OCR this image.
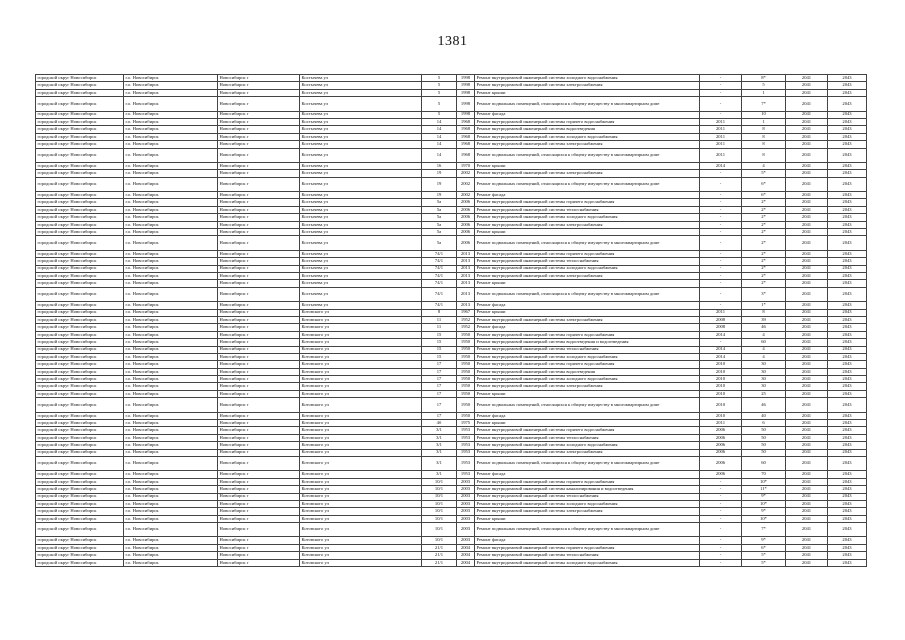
1381
городской округ Новосибирск	г.о. Новосибирск	Новосибирск г	Костычева ул	5	1998	Ремонт внутридомовой инженерной системы холодного водоснабжения	-	8*	2041	2043
городской округ Новосибирск	г.о. Новосибирск	Новосибирск г	Костычева ул	5	1998	Ремонт внутридомовой инженерной системы электроснабжения	-	5	2041	2043
городской округ Новосибирск	г.о. Новосибирск	Новосибирск г	Костычева ул	5	1998	Ремонт крыши	-	1	2041	2043
городской округ Новосибирск	г.о. Новосибирск	Новосибирск г	Костычева ул	5	1998	Ремонт подвальных помещений, относящихся к общему имуществу в многоквартирном доме	-	7*	2041	2043
городской округ Новосибирск	г.о. Новосибирск	Новосибирск г	Костычева ул	5	1998	Ремонт фасада	-	10	2041	2043
городской округ Новосибирск	г.о. Новосибирск	Новосибирск г	Костычева ул	14	1968	Ремонт внутридомовой инженерной системы горячего водоснабжения	2011	1	2041	2043
городской округ Новосибирск	г.о. Новосибирск	Новосибирск г	Костычева ул	14	1968	Ремонт внутридомовой инженерной системы водоотведения	2011	8	2041	2043
городской округ Новосибирск	г.о. Новосибирск	Новосибирск г	Костычева ул	14	1968	Ремонт внутридомовой инженерной системы холодного водоснабжения	2011	8	2041	2043
городской округ Новосибирск	г.о. Новосибирск	Новосибирск г	Костычева ул	14	1968	Ремонт внутридомовой инженерной системы электроснабжения	2011	8	2041	2043
городской округ Новосибирск	г.о. Новосибирск	Новосибирск г	Костычева ул	14	1968	Ремонт подвальных помещений, относящихся к общему имуществу в многоквартирном доме	2011	8	2041	2043
городской округ Новосибирск	г.о. Новосибирск	Новосибирск г	Костычева ул	16	1970	Ремонт крыши	2014	4	2041	2043
городской округ Новосибирск	г.о. Новосибирск	Новосибирск г	Костычева ул	19	2002	Ремонт внутридомовой инженерной системы электроснабжения	-	5*	2041	2043
городской округ Новосибирск	г.о. Новосибирск	Новосибирск г	Костычева ул	19	2002	Ремонт подвальных помещений, относящихся к общему имуществу в многоквартирном доме	-	6*	2041	2043
городской округ Новосибирск	г.о. Новосибирск	Новосибирск г	Костычева ул	19	2002	Ремонт фасада	-	6*	2041	2043
городской округ Новосибирск	г.о. Новосибирск	Новосибирск г	Костычева ул	5а	2006	Ремонт внутридомовой инженерной системы горячего водоснабжения	-	2*	2041	2043
городской округ Новосибирск	г.о. Новосибирск	Новосибирск г	Костычева ул	5а	2006	Ремонт внутридомовой инженерной системы теплоснабжения	-	2*	2041	2043
городской округ Новосибирск	г.о. Новосибирск	Новосибирск г	Костычева ул	5а	2006	Ремонт внутридомовой инженерной системы холодного водоснабжения	-	2*	2041	2043
городской округ Новосибирск	г.о. Новосибирск	Новосибирск г	Костычева ул	5а	2006	Ремонт внутридомовой инженерной системы электроснабжения	-	2*	2041	2043
городской округ Новосибирск	г.о. Новосибирск	Новосибирск г	Костычева ул	5а	2006	Ремонт крыши	-	2*	2041	2043
городской округ Новосибирск	г.о. Новосибирск	Новосибирск г	Костычева ул	5а	2006	Ремонт подвальных помещений, относящихся к общему имуществу в многоквартирном доме	-	2*	2041	2043
городской округ Новосибирск	г.о. Новосибирск	Новосибирск г	Костычева ул	74/1	2013	Ремонт внутридомовой инженерной системы горячего водоснабжения	-	2*	2041	2043
городской округ Новосибирск	г.о. Новосибирск	Новосибирск г	Костычева ул	74/1	2013	Ремонт внутридомовой инженерной системы теплоснабжения	-	2*	2041	2043
городской округ Новосибирск	г.о. Новосибирск	Новосибирск г	Костычева ул	74/1	2013	Ремонт внутридомовой инженерной системы холодного водоснабжения	-	2*	2041	2043
городской округ Новосибирск	г.о. Новосибирск	Новосибирск г	Костычева ул	74/1	2013	Ремонт внутридомовой инженерной системы электроснабжения	-	2*	2041	2043
городской округ Новосибирск	г.о. Новосибирск	Новосибирск г	Костычева ул	74/1	2013	Ремонт крыши	-	2*	2041	2043
городской округ Новосибирск	г.о. Новосибирск	Новосибирск г	Костычева ул	74/1	2013	Ремонт подвальных помещений, относящихся к общему имуществу в многоквартирном доме	-	3*	2041	2043
городской округ Новосибирск	г.о. Новосибирск	Новосибирск г	Костычева ул	74/1	2013	Ремонт фасада	-	1*	2041	2043
городской округ Новосибирск	г.о. Новосибирск	Новосибирск г	Котовского ул	8	1967	Ремонт крыши	2011	8	2041	2043
городской округ Новосибирск	г.о. Новосибирск	Новосибирск г	Котовского ул	11	1952	Ремонт внутридомовой инженерной системы электроснабжения	2008	39	2041	2043
городской округ Новосибирск	г.о. Новосибирск	Новосибирск г	Котовского ул	11	1952	Ремонт фасада	2008	46	2041	2043
городской округ Новосибирск	г.о. Новосибирск	Новосибирск г	Котовского ул	15	1950	Ремонт внутридомовой инженерной системы горячего водоснабжения	2014	4	2041	2043
городской округ Новосибирск	г.о. Новосибирск	Новосибирск г	Котовского ул	15	1950	Ремонт внутридомовой инженерной системы водоотведения и водоотведения	-	60	2041	2043
городской округ Новосибирск	г.о. Новосибирск	Новосибирск г	Котовского ул	15	1950	Ремонт внутридомовой инженерной системы теплоснабжения	2014	4	2041	2043
городской округ Новосибирск	г.о. Новосибирск	Новосибирск г	Котовского ул	15	1950	Ремонт внутридомовой инженерной системы холодного водоснабжения	2014	4	2041	2043
городской округ Новосибирск	г.о. Новосибирск	Новосибирск г	Котовского ул	17	1950	Ремонт внутридомовой инженерной системы горячего водоснабжения	2010	30	2041	2043
городской округ Новосибирск	г.о. Новосибирск	Новосибирск г	Котовского ул	17	1950	Ремонт внутридомовой инженерной системы водоотведения	2010	30	2041	2043
городской округ Новосибирск	г.о. Новосибирск	Новосибирск г	Котовского ул	17	1950	Ремонт внутридомовой инженерной системы холодного водоснабжения	2010	30	2041	2043
городской округ Новосибирск	г.о. Новосибирск	Новосибирск г	Котовского ул	17	1950	Ремонт внутридомовой инженерной системы электроснабжения	2010	30	2041	2043
городской округ Новосибирск	г.о. Новосибирск	Новосибирск г	Котовского ул	17	1950	Ремонт крыши	2010	25	2041	2043
городской округ Новосибирск	г.о. Новосибирск	Новосибирск г	Котовского ул	17	1950	Ремонт подвальных помещений, относящихся к общему имуществу в многоквартирном доме	2010	46	2041	2043
городской округ Новосибирск	г.о. Новосибирск	Новосибирск г	Котовского ул	17	1950	Ремонт фасада	2010	40	2041	2043
городской округ Новосибирск	г.о. Новосибирск	Новосибирск г	Котовского ул	4б	1975	Ремонт крыши	2011	6	2041	2043
городской округ Новосибирск	г.о. Новосибирск	Новосибирск г	Котовского ул	3/1	1953	Ремонт внутридомовой инженерной системы горячего водоснабжения	2006	50	2041	2043
городской округ Новосибирск	г.о. Новосибирск	Новосибирск г	Котовского ул	3/1	1953	Ремонт внутридомовой инженерной системы теплоснабжения	2006	50	2041	2043
городской округ Новосибирск	г.о. Новосибирск	Новосибирск г	Котовского ул	3/1	1953	Ремонт внутридомовой инженерной системы холодного водоснабжения	2006	50	2041	2043
городской округ Новосибирск	г.о. Новосибирск	Новосибирск г	Котовского ул	3/1	1953	Ремонт внутридомовой инженерной системы электроснабжения	2006	50	2041	2043
городской округ Новосибирск	г.о. Новосибирск	Новосибирск г	Котовского ул	3/1	1953	Ремонт подвальных помещений, относящихся к общему имуществу в многоквартирном доме	2006	60	2041	2043
городской округ Новосибирск	г.о. Новосибирск	Новосибирск г	Котовского ул	3/1	1953	Ремонт фасада	2006	70	2041	2043
городской округ Новосибирск	г.о. Новосибирск	Новосибирск г	Котовского ул	10/1	2003	Ремонт внутридомовой инженерной системы горячего водоснабжения	-	10*	2041	2043
городской округ Новосибирск	г.о. Новосибирск	Новосибирск г	Котовского ул	10/1	2003	Ремонт внутридомовой инженерной системы канализирования и водоотведения	-	11*	2041	2043
городской округ Новосибирск	г.о. Новосибирск	Новосибирск г	Котовского ул	10/1	2003	Ремонт внутридомовой инженерной системы теплоснабжения	-	9*	2041	2043
городской округ Новосибирск	г.о. Новосибирск	Новосибирск г	Котовского ул	10/1	2003	Ремонт внутридомовой инженерной системы холодного водоснабжения	-	10*	2041	2043
городской округ Новосибирск	г.о. Новосибирск	Новосибирск г	Котовского ул	10/1	2003	Ремонт внутридомовой инженерной системы электроснабжения	-	9*	2041	2043
городской округ Новосибирск	г.о. Новосибирск	Новосибирск г	Котовского ул	10/1	2003	Ремонт крыши	-	10*	2041	2043
городской округ Новосибирск	г.о. Новосибирск	Новосибирск г	Котовского ул	10/1	2003	Ремонт подвальных помещений, относящихся к общему имуществу в многоквартирном доме	-	7*	2041	2043
городской округ Новосибирск	г.о. Новосибирск	Новосибирск г	Котовского ул	10/1	2003	Ремонт фасада	-	9*	2041	2043
городской округ Новосибирск	г.о. Новосибирск	Новосибирск г	Котовского ул	21/1	2004	Ремонт внутридомовой инженерной системы горячего водоснабжения	-	6*	2041	2043
городской округ Новосибирск	г.о. Новосибирск	Новосибирск г	Котовского ул	21/1	2004	Ремонт внутридомовой инженерной системы теплоснабжения	-	5*	2041	2043
городской округ Новосибирск	г.о. Новосибирск	Новосибирск г	Котовского ул	21/1	2004	Ремонт внутридомовой инженерной системы холодного водоснабжения	-	5*	2041	2043
